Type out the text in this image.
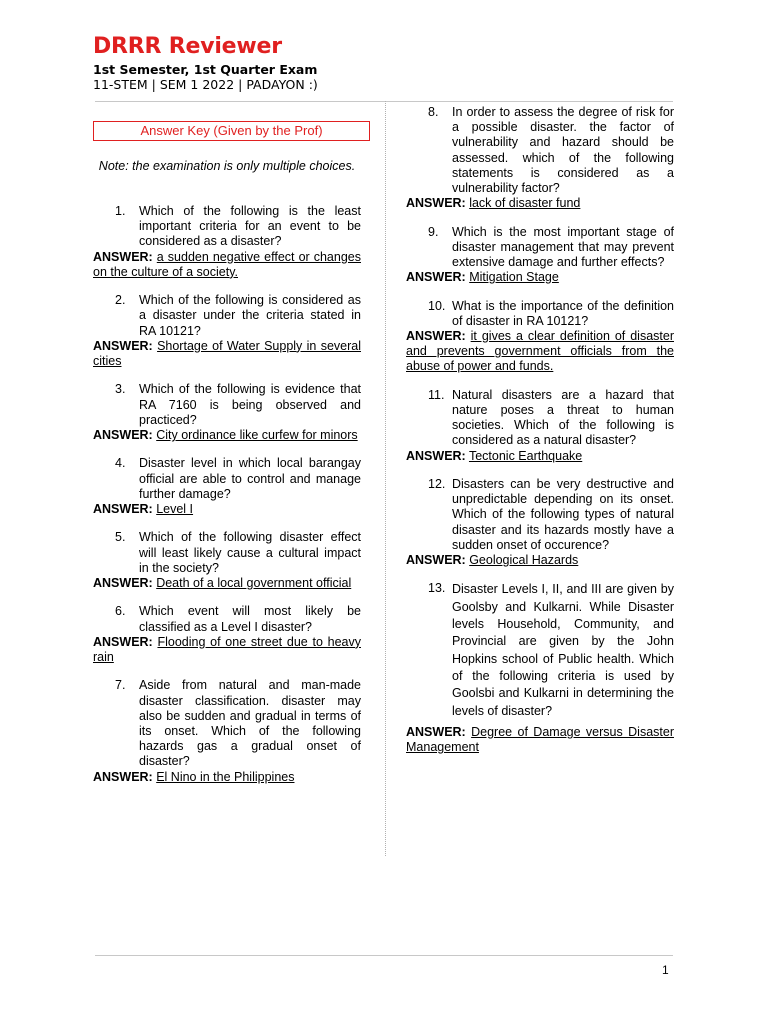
DRRR Reviewer
1st Semester, 1st Quarter Exam
11-STEM | SEM 1 2022 | PADAYON :)
Answer Key (Given by the Prof)
Note: the examination is only multiple choices.
1.	Which of the following is the least important criteria for an event to be considered as a disaster?
ANSWER: a sudden negative effect or changes on the culture of a society.
2.	Which of the following is considered as a disaster under the criteria stated in RA 10121?
ANSWER: Shortage of Water Supply in several cities
3.	Which of the following is evidence that RA 7160 is being observed and practiced?
ANSWER: City ordinance like curfew for minors
4.	Disaster level in which local barangay official are able to control and manage further damage?
ANSWER: Level I
5.	Which of the following disaster effect will least likely cause a cultural impact in the society?
ANSWER: Death of a local government official
6.	Which event will most likely be classified as a Level I disaster?
ANSWER: Flooding of one street due to heavy rain
7.	Aside from natural and man-made disaster classification. disaster may also be sudden and gradual in terms of its onset. Which of the following hazards gas a gradual onset of disaster?
ANSWER: El Nino in the Philippines
8.	In order to assess the degree of risk for a possible disaster. the factor of vulnerability and hazard should be assessed. which of the following statements is considered as a vulnerability factor?
ANSWER: lack of disaster fund
9.	Which is the most important stage of disaster management that may prevent extensive damage and further effects?
ANSWER: Mitigation Stage
10. What is the importance of the definition of disaster in RA 10121?
ANSWER: it gives a clear definition of disaster and prevents government officials from the abuse of power and funds.
11. Natural disasters are a hazard that nature poses a threat to human societies. Which of the following is considered as a natural disaster?
ANSWER: Tectonic Earthquake
12. Disasters can be very destructive and unpredictable depending on its onset. Which of the following types of natural disaster and its hazards mostly have a sudden onset of occurence?
ANSWER: Geological Hazards
13. Disaster Levels I, II, and III are given by Goolsby and Kulkarni. While Disaster levels Household, Community, and Provincial are given by the John Hopkins school of Public health. Which of the following criteria is used by Goolsbi and Kulkarni in determining the levels of disaster?
ANSWER: Degree of Damage versus Disaster Management
1
